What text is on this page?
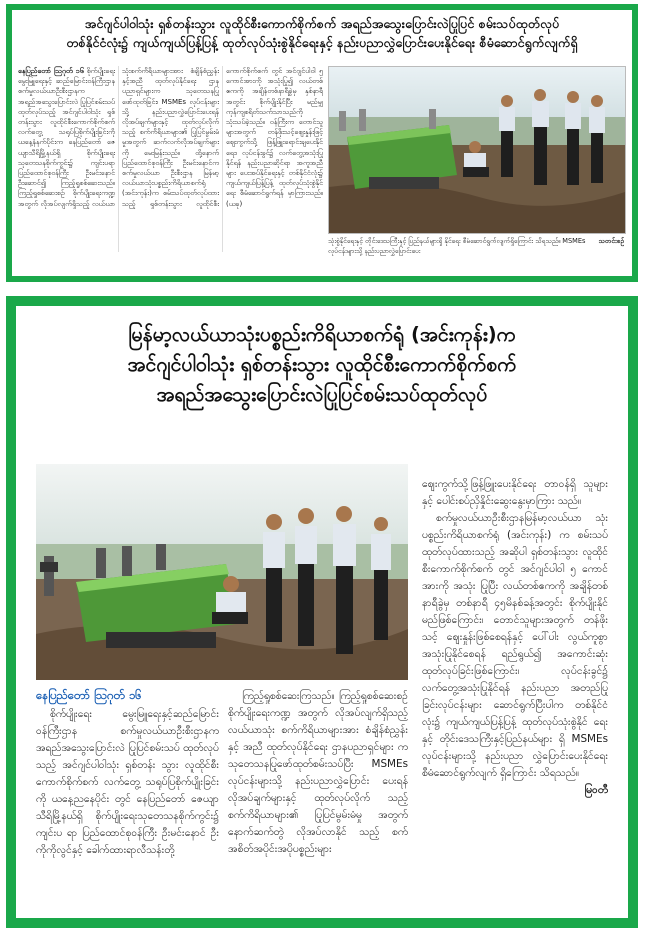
အင်ဂျင်ပါဝါသုံး ရှစ်တန်းသွား လူထိုင်စီးကောက်စိုက်စက် အရည်အသွေးပြောင်းလဲပြုပြင် စမ်းသပ်ထုတ်လုပ်
တစ်နိုင်ငံလုံး၌ ကျယ်ကျယ်ပြန့်ပြန့် ထုတ်လုပ်သုံးစွဲနိုင်ရေးနှင့် နည်းပညာလွှဲပြောင်းပေးနိုင်ရေး စီမံဆောင်ရွက်လျက်ရှိ
နေပြည်တော် ဩဂုတ် ၁၆ စိုက်ပျိုးရေး မွေးမြူရေးနှင့် ဆည်မြောင်းဝန်ကြီးဌာန စက်မှုလယ်ယာဦးစီးဌာနက အရည်အသွေးပြောင်းလဲ ပြုပြင်စမ်းသပ် ထုတ်လုပ်သည့် အင်ဂျင်ပါဝါသုံး ရှစ်တန်းသွား လူထိုင်စီးကောက်စိုက်စက် လက်တွေ့ သရုပ်ပြစိုက်ပျိုးခြင်းကို ယနေ့နံနက်ပိုင်းက နေပြည်တော် ဇေယျာသီရိမြို့နယ်ရှိ စိုက်ပျိုးရေးသုတေသနစိုက်ကွင်း၌ ကျင်းပရာ ပြည်ထောင်စုဝန်ကြီး ဦးမင်းနောင် ဦးဆောင်၍ ကြည့်ရှုစစ်ဆေးသည်။ ကြည့်ရှုစစ်ဆေးစဉ် စိုက်ပျိုးရေးကဏ္ဍအတွက် လိုအပ်လျက်ရှိသည့် လယ်ယာသုံးစက်ကိရိယာများအား စံချိန်စံညွှန်းနှင့်အညီ ထုတ်လုပ်နိုင်ရေး ဌာနပညာရှင်များက သုတေသနပြုဖော်ထုတ်ခြင်း၊ MSMEs လုပ်ငန်းများသို့ နည်းပညာလွှဲပြောင်းပေးရန် လိုအပ်ချက်များနှင့် ထုတ်လုပ်လိုက်သည့် စက်ကိရိယာများ၏ ပြုပြင်မွမ်းမံမှုအတွက် ဆက်လက်လိုအပ်ချက်များကို မေးမြန်းသည်။ ထို့နောက် ပြည်ထောင်စုဝန်ကြီး ဦးမင်းနောင်က စက်မှုလယ်ယာ ဦးစီးဌာန မြန်မာ့လယ်ယာသုံးပစ္စည်းကိရိယာစက်ရုံ (အင်းကုန်း)က စမ်းသပ်ထုတ်လုပ်ထားသည့် ရှစ်တန်းသွား လူထိုင်စီးကောက်စိုက်စက် တွင် အင်ဂျင်ပါဝါ ၅ ကောင်အားကို အသုံးပြု၍ လယ်တစ်ဧကကို အချိန်တစ်နာရီခွဲမှ နှစ်နာရီအတွင်း စိုက်ပျိုးနိုင်ပြီး မည်မျှ ကုန်ကျစရိတ်သက်သာသည်ကို သုံးသပ်ခဲ့သည်။ ဝန်ကြီးက တောင်သူများအတွက် တန်ဖိုးသင့်ဈေးနှုန်းဖြင့် ဈေးကွက်သို့ ဖြန့်ဖြူးရောင်းချပေးနိုင်ရေး၊ လုပ်ငန်းခွင်၌ လက်တွေ့အသုံးပြုနိုင်ရန် နည်းပညာဆိုင်ရာ အကူအညီများ ပေးအပ်နိုင်ရေးနှင့် တစ်နိုင်ငံလုံး၌ ကျယ်ကျယ်ပြန့်ပြန့် ထုတ်လုပ်သုံးစွဲနိုင်ရေး စီမံဆောင်ရွက်ရန် မှာကြားသည်။ (ယခု)
သတင်းစဉ်
သုံးစွဲနိုင်ရေးနှင့် တိုင်းဒေသကြီးနှင့် ပြည်နယ်များရှိ နိုင်ရေး စီမံဆောင်ရွက်လျက်ရှိကြောင်း သိရသည်။ MSMEs လုပ်ငန်းများသို့ နည်းပညာလွှဲပြောင်းပေး
မြန်မာ့လယ်ယာသုံးပစ္စည်းကိရိယာစက်ရုံ (အင်းကုန်း)က
အင်ဂျင်ပါဝါသုံး ရှစ်တန်းသွား လူထိုင်စီးကောက်စိုက်စက်
အရည်အသွေးပြောင်းလဲပြုပြင်စမ်းသပ်ထုတ်လုပ်
နေပြည်တော် ဩဂုတ် ၁၆

စိုက်ပျိုးရေး မွေးမြူရေးနှင့်ဆည်မြောင်း ဝန်ကြီးဌာန စက်မှုလယ်ယာဦးစီးဌာနက အရည်အသွေးပြောင်းလဲ ပြုပြင်စမ်းသပ် ထုတ်လုပ်သည့် အင်ဂျင်ပါဝါသုံး ရှစ်တန်း သွား လူထိုင်စီးကောက်စိုက်စက် လက်တွေ့ သရုပ်ပြစိုက်ပျိုးခြင်းကို ယနေ့ညနေပိုင်း တွင် နေပြည်တော် ဇေယျာသီရိမြို့နယ်ရှိ စိုက်ပျိုးရေးသုတေသနစိုက်ကွင်း၌ ကျင်းပ ရာ ပြည်ထောင်စုဝန်ကြီး ဦးမင်းနောင် ဦးကိုကိုလွင်နှင့် ခေါက်ထားရာလီသန်းတို့

ကြည့်ရှုစစ်ဆေးကြသည်။ ကြည့်ရှုစစ်ဆေးစဉ် စိုက်ပျိုးရေးကဏ္ဍ အတွက် လိုအပ်လျက်ရှိသည့် လယ်ယာသုံး စက်ကိရိယာများအား စံချိန်စံညွှန်းနှင့် အညီ ထုတ်လုပ်နိုင်ရေး ဌာနပညာရှင်များ က သုတေသနပြုဖော်ထုတ်စမ်းသပ်ပြီး MSMEs လုပ်ငန်းများသို့ နည်းပညာလွှဲပြောင်း ပေးရန် လိုအပ်ချက်များနှင့် ထုတ်လုပ်လိုက် သည့် စက်ကိရိယာများ၏ ပြုပြင်မွမ်းမံမှု အတွက် နောက်ဆက်တွဲ လိုအပ်လာနိုင် သည့် စက်အစိတ်အပိုင်းအပိုပစ္စည်းများ

ဈေးကွက်သို့ဖြန့်ဖြူးပေးနိုင်ရေး တာဝန်ရှိ သူများနှင့် ပေါင်းစပ်ညှိနှိုင်းဆွေးနွေးမှာကြား သည်။

စက်မှုလယ်ယာဦးစီးဌာနမြန်မာ့လယ်ယာ သုံးပစ္စည်းကိရိယာစက်ရုံ (အင်းကုန်း) က စမ်းသပ်ထုတ်လုပ်ထားသည့် အဆိုပါ ရှစ်တန်းသွား လူထိုင်စီးကောက်စိုက်စက် တွင် အင်ဂျင်ပါဝါ ၅ ကောင်အားကို အသုံး ပြုပြီး လယ်တစ်ဧကကို အချိန်တစ်နာရီခွဲမှ တစ်နာရီ ၄၅မိနစ်ခန့်အတွင်း စိုက်ပျိုးနိုင် မည်ဖြစ်ကြောင်း၊ တောင်သူများအတွက် တန်ဖိုးသင့် ဈေးနှုန်းဖြစ်စေရန်နှင့် ပေါ်ပါး လွယ်ကူစွာအသုံးပြုနိုင်စေရန် ရည်ရွယ်၍ အကောင်းဆုံး ထုတ်လုပ်ခြင်းဖြစ်ကြောင်း၊ လုပ်ငန်းခွင်၌ လက်တွေ့အသုံးပြုနိုင်ရန် နည်းပညာ အတည်ပြုခြင်းလုပ်ငန်းများ ဆောင်ရွက်ပြီးပါက တစ်နိုင်ငံလုံး၌ ကျယ်ကျယ်ပြန့်ပြန့် ထုတ်လုပ်သုံးစွဲနိုင် ရေးနှင့် တိုင်းဒေသကြီးနှင့်ပြည်နယ်များ ရှိ MSMEs လုပ်ငန်းများသို့ နည်းပညာ လွှဲပြောင်းပေးနိုင်ရေး စီမံဆောင်ရွက်လျက် ရှိကြောင်း သိရသည်။
မြဝတီ
